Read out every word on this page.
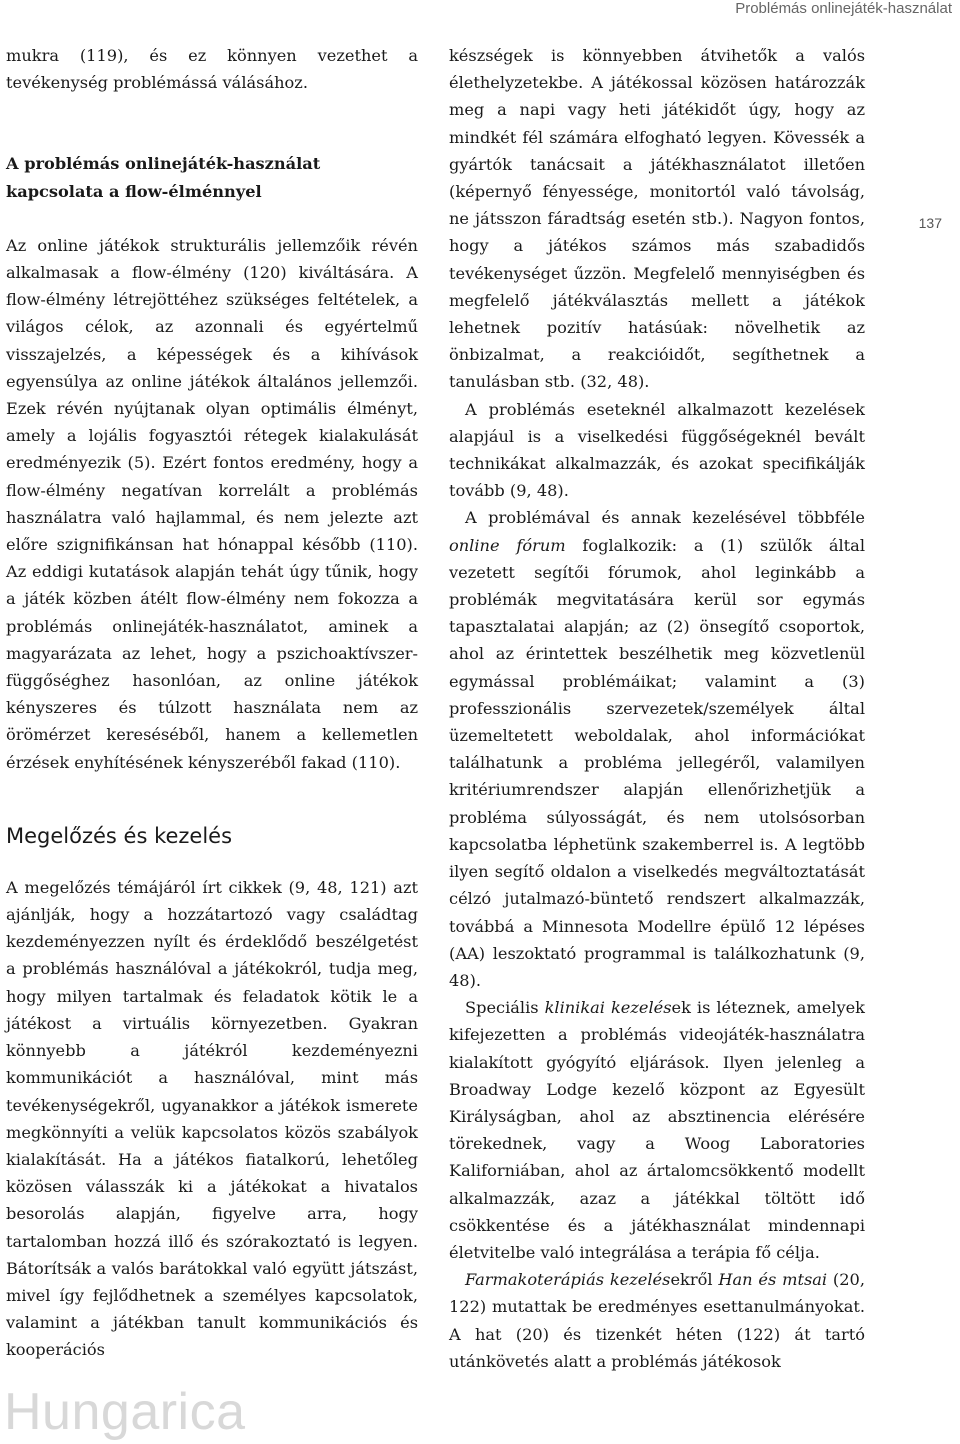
Problémás onlinejáték-használat

137

mukra (119), és ez könnyen vezethet a tevékenység problémássá válásához.

A problémás onlinejáték-használat
kapcsolata a flow-élménnyel

Az online játékok strukturális jellemzőik révén alkalmasak a flow-élmény (120) kiváltására. A flow-élmény létrejöttéhez szükséges feltételek, a világos célok, az azonnali és egyértelmű visszajelzés, a képességek és a kihívások egyensúlya az online játékok általános jellemzői. Ezek révén nyújtanak olyan optimális élményt, amely a lojális fogyasztói rétegek kialakulását eredményezik (5). Ezért fontos eredmény, hogy a flow-élmény negatívan korrelált a problémás használatra való hajlammal, és nem jelezte azt előre szignifikánsan hat hónappal később (110). Az eddigi kutatások alapján tehát úgy tűnik, hogy a játék közben átélt flow-élmény nem fokozza a problémás onlinejáték-használatot, aminek a magyarázata az lehet, hogy a pszichoaktívszer-függőséghez hasonlóan, az online játékok kényszeres és túlzott használata nem az örömérzet kereséséből, hanem a kellemetlen érzések enyhítésének kényszeréből fakad (110).

Megelőzés és kezelés

A megelőzés témájáról írt cikkek (9, 48, 121) azt ajánlják, hogy a hozzátartozó vagy családtag kezdeményezzen nyílt és érdeklődő beszélgetést a problémás használóval a játékokról, tudja meg, hogy milyen tartalmak és feladatok kötik le a játékost a virtuális környezetben. Gyakran könnyebb a játékról kezdeményezni kommunikációt a használóval, mint más tevékenységekről, ugyanakkor a játékok ismerete megkönnyíti a velük kapcsolatos közös szabályok kialakítását. Ha a játékos fiatalkorú, lehetőleg közösen válasszák ki a játékokat a hivatalos besorolás alapján, figyelve arra, hogy tartalomban hozzá illő és szórakoztató is legyen. Bátorítsák a valós barátokkal való együtt játszást, mivel így fejlődhetnek a személyes kapcsolatok, valamint a játékban tanult kommunikációs és kooperációs

készségek is könnyebben átvihetők a valós élethelyzetekbe. A játékossal közösen határozzák meg a napi vagy heti játékidőt úgy, hogy az mindkét fél számára elfogható legyen. Kövessék a gyártók tanácsait a játékhasználatot illetően (képernyő fényessége, monitortól való távolság, ne játsszon fáradtság esetén stb.). Nagyon fontos, hogy a játékos számos más szabadidős tevékenységet űzzön. Megfelelő mennyiségben és megfelelő játékválasztás mellett a játékok lehetnek pozitív hatásúak: növelhetik az önbizalmat, a reakcióidőt, segíthetnek a tanulásban stb. (32, 48).

A problémás eseteknél alkalmazott kezelések alapjául is a viselkedési függőségeknél bevált technikákat alkalmazzák, és azokat specifikálják tovább (9, 48).

A problémával és annak kezelésével többféle online fórum foglalkozik: a (1) szülők által vezetett segítői fórumok, ahol leginkább a problémák megvitatására kerül sor egymás tapasztalatai alapján; az (2) önsegítő csoportok, ahol az érintettek beszélhetik meg közvetlenül egymással problémáikat; valamint a (3) professzionális szervezetek/személyek által üzemeltetett weboldalak, ahol információkat találhatunk a probléma jellegéről, valamilyen kritériumrendszer alapján ellenőrizhetjük a probléma súlyosságát, és nem utolsósorban kapcsolatba léphetünk szakemberrel is. A legtöbb ilyen segítő oldalon a viselkedés megváltoztatását célzó jutalmazó-büntető rendszert alkalmazzák, továbbá a Minnesota Modellre épülő 12 lépéses (AA) leszoktató programmal is találkozhatunk (9, 48).

Speciális klinikai kezelések is léteznek, amelyek kifejezetten a problémás videojáték-használatra kialakított gyógyító eljárások. Ilyen jelenleg a Broadway Lodge kezelő központ az Egyesült Királyságban, ahol az absztinencia elérésére törekednek, vagy a Woog Laboratories Kaliforniában, ahol az ártalomcsökkentő modellt alkalmazzák, azaz a játékkal töltött idő csökkentése és a játékhasználat mindennapi életvitelbe való integrálása a terápia fő célja.

Farmakoterápiás kezelésekről Han és mtsai (20, 122) mutattak be eredményes esettanulmányokat. A hat (20) és tizenkét héten (122) át tartó utánkövetés alatt a problémás játékosok

Hungarica
